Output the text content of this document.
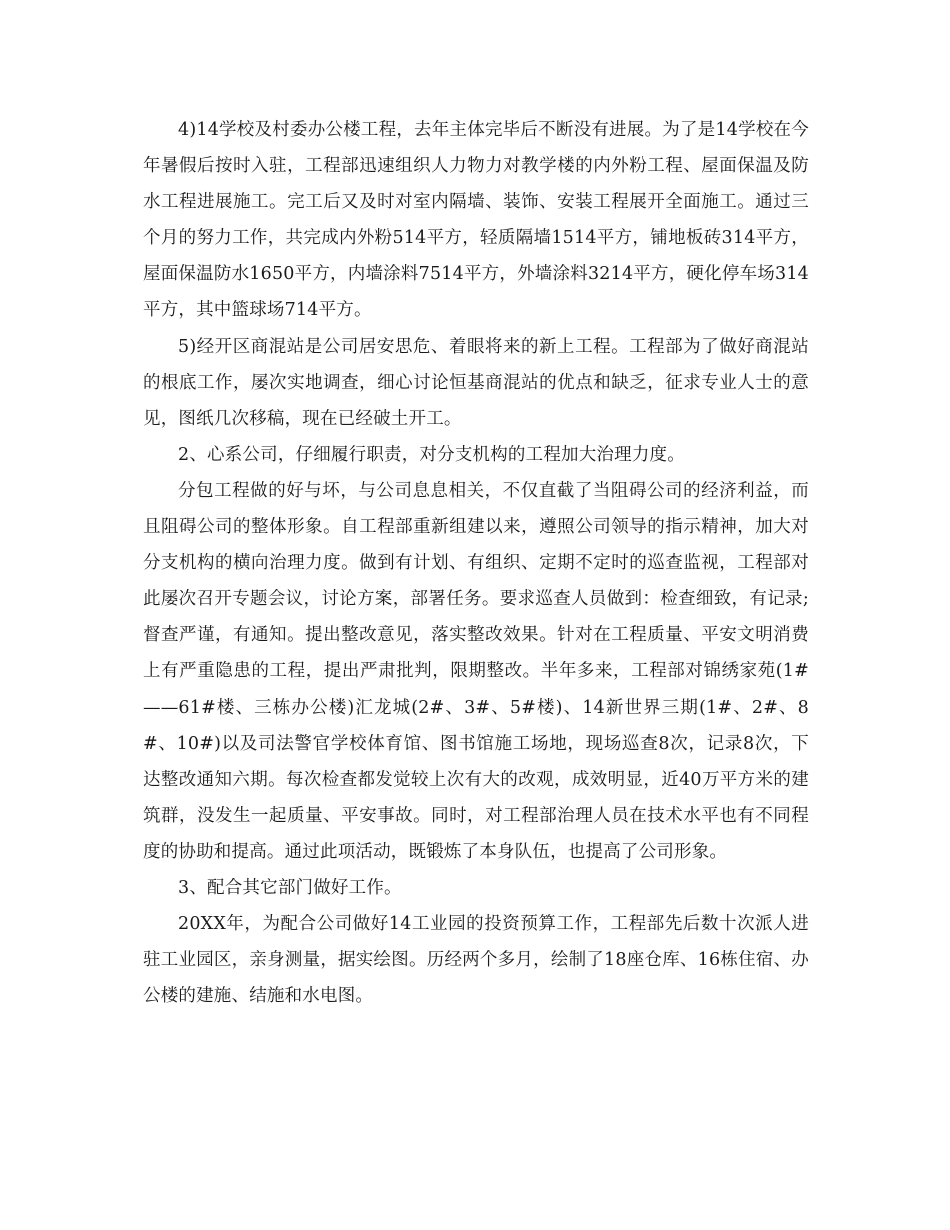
4)14学校及村委办公楼工程，去年主体完毕后不断没有进展。为了是14学校在今年暑假后按时入驻，工程部迅速组织人力物力对教学楼的内外粉工程、屋面保温及防水工程进展施工。完工后又及时对室内隔墙、装饰、安装工程展开全面施工。通过三个月的努力工作，共完成内外粉514平方，轻质隔墙1514平方，铺地板砖314平方，屋面保温防水1650平方，内墙涂料7514平方，外墙涂料3214平方，硬化停车场314平方，其中篮球场714平方。

5)经开区商混站是公司居安思危、着眼将来的新上工程。工程部为了做好商混站的根底工作，屡次实地调查，细心讨论恒基商混站的优点和缺乏，征求专业人士的意见，图纸几次移稿，现在已经破土开工。

2、心系公司，仔细履行职责，对分支机构的工程加大治理力度。

分包工程做的好与坏，与公司息息相关，不仅直截了当阻碍公司的经济利益，而且阻碍公司的整体形象。自工程部重新组建以来，遵照公司领导的指示精神，加大对分支机构的横向治理力度。做到有计划、有组织、定期不定时的巡查监视，工程部对此屡次召开专题会议，讨论方案，部署任务。要求巡查人员做到：检查细致，有记录;督查严谨，有通知。提出整改意见，落实整改效果。针对在工程质量、平安文明消费上有严重隐患的工程，提出严肃批判，限期整改。半年多来，工程部对锦绣家苑(1#——61#楼、三栋办公楼)汇龙城(2#、3#、5#楼)、14新世界三期(1#、2#、8#、10#)以及司法警官学校体育馆、图书馆施工场地，现场巡查8次，记录8次，下达整改通知六期。每次检查都发觉较上次有大的改观，成效明显，近40万平方米的建筑群，没发生一起质量、平安事故。同时，对工程部治理人员在技术水平也有不同程度的协助和提高。通过此项活动，既锻炼了本身队伍，也提高了公司形象。

3、配合其它部门做好工作。

20XX年，为配合公司做好14工业园的投资预算工作，工程部先后数十次派人进驻工业园区，亲身测量，据实绘图。历经两个多月，绘制了18座仓库、16栋住宿、办公楼的建施、结施和水电图。
